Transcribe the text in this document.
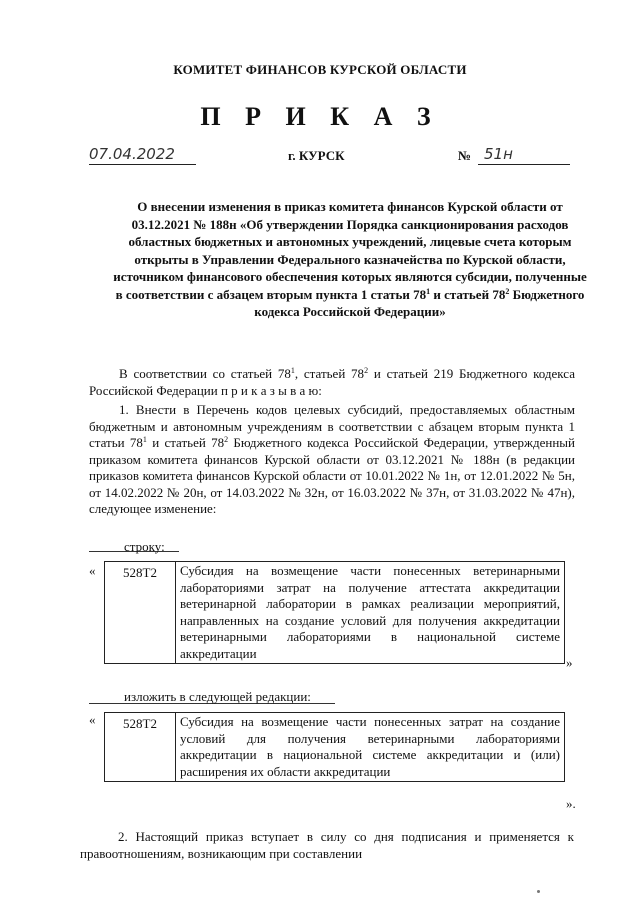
КОМИТЕТ ФИНАНСОВ КУРСКОЙ ОБЛАСТИ
П Р И К А З
07.04.2022	г. КУРСК	№ 51н
О внесении изменения в приказ комитета финансов Курской области от 03.12.2021 № 188н «Об утверждении Порядка санкционирования расходов областных бюджетных и автономных учреждений, лицевые счета которым открыты в Управлении Федерального казначейства по Курской области, источником финансового обеспечения которых являются субсидии, полученные в соответствии с абзацем вторым пункта 1 статьи $78^1$ и статьей $78^2$ Бюджетного кодекса Российской Федерации»
В соответствии со статьей $78^1$, статьей $78^2$ и статьей 219 Бюджетного кодекса Российской Федерации п р и к а з ы в а ю:
1. Внести в Перечень кодов целевых субсидий, предоставляемых областным бюджетным и автономным учреждениям в соответствии с абзацем вторым пункта 1 статьи $78^1$ и статьей $78^2$ Бюджетного кодекса Российской Федерации, утвержденный приказом комитета финансов Курской области от 03.12.2021 № 188н (в редакции приказов комитета финансов Курской области от 10.01.2022 № 1н, от 12.01.2022 № 5н, от 14.02.2022 № 20н, от 14.03.2022 № 32н, от 16.03.2022 № 37н, от 31.03.2022 № 47н), следующее изменение:
строку:
« 528Т2	Субсидия на возмещение части понесенных ветеринарными лабораториями затрат на получение аттестата аккредитации ветеринарной лаборатории в рамках реализации мероприятий, направленных на создание условий для получения аккредитации ветеринарными лабораториями в национальной системе аккредитации
»
изложить в следующей редакции:
« 528Т2	Субсидия на возмещение части понесенных затрат на создание условий для получения ветеринарными лабораториями аккредитации в национальной системе аккредитации и (или) расширения их области аккредитации
».
2. Настоящий приказ вступает в силу со дня подписания и применяется к правоотношениям, возникающим при составлении
